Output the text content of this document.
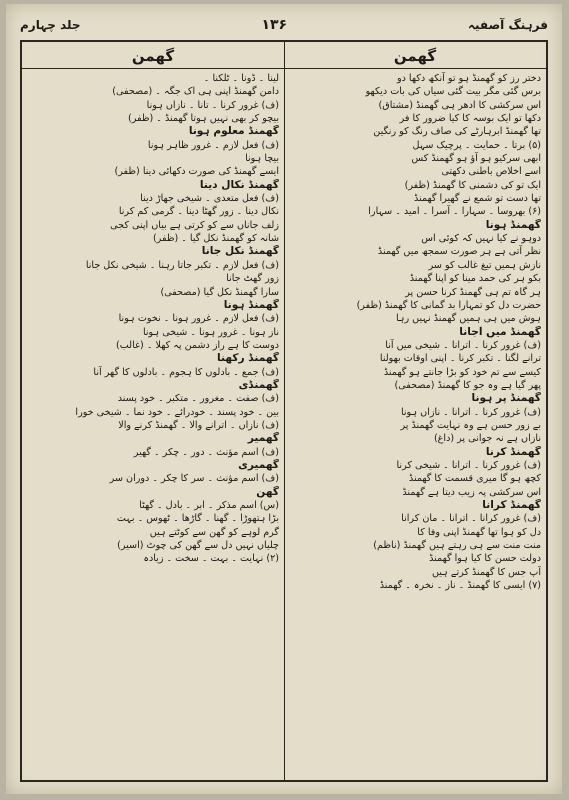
فرہنگ آصفیہ
۱۳۶
جلد چہارم
گھمن
گھمن
دختر رز کو گھمنڈ ہو تو آنکھ دکھا دو
برس گئی مگر بیت گئی سیاں کی بات دیکھو
اس سرکشی کا ادھر ہی گھمنڈ (مشتاق)
دکھا تو ایک بوسہ کا کیا ضرور کا فر
تھا گھمنڈ ابرہارٹے کی صاف رنگ کو رنگین
(۵) برتا ۔ حمایت ۔ پرچیک سہل
ابھی سرکیو ہو آؤ ہو گھمنڈ کس
اسے اخلاص باطنی دکھتی
ایک تو کی دشمنی کا گھمنڈ (ظفر)
تھا دست تو شمع نے گھیرا گھمنڈ
(۶) بھروسا ۔ سہارا ۔ آسرا ۔ امید ۔ سہارا
گھمنڈ ہونا
دوہو نے کیا نہیں کہ کوئی اس
نظر آتی ہے ہر صورت سمجھ میں گھمنڈ
نازش ہمیں تیغ غالب کو سر
بکو ہر کی حمد مینا کو اپنا گھمنڈ
ہر گاہ تم ہی گھمنڈ کرنا حسن پر
حضرت دل کو تمہارا بد گمانی کا گھمنڈ (ظفر)
ہوش میں ہی ہمیں گھمنڈ نہیں رہا
گھمنڈ میں آجانا
(ف) غرور کرنا ۔ اترانا ۔ شیخی میں آنا
ترانے لگنا ۔ تکبر کرنا ۔ اپنی اوقات بھولنا
کیسے سے تم خود کو بڑا جانتے ہو گھمنڈ
پھر گیا ہے وہ جو کا گھمنڈ (مصحفی)
گھمنڈ پر ہونا
(ف) غرور کرنا ۔ اترانا ۔ نازاں ہونا
بے زور حسن ہے وہ نہایت گھمنڈ پر
نازاں ہے نہ جوانی پر (داغ)
گھمنڈ کرنا
(ف) غرور کرنا ۔ اترانا ۔ شیخی کرنا
کچھ ہو گا میری قسمت کا گھمنڈ
اس سرکشی پہ زیب دیتا ہے گھمنڈ
گھمنڈ کرانا
(ف) غرور کرانا ۔ اترانا ۔ مان کرانا
دل کو ہوا تھا گھمنڈ اپنی وفا کا
منت منت سے ہی رہتے ہیں گھمنڈ (ناظم)
دولت حسن کا کیا ہوا گھمنڈ
آپ جس کا گھمنڈ کرتے ہیں
(۷) ایسی کا گھمنڈ ۔ ناز ۔ نخرہ ۔ گھمنڈ
لینا ۔ ڈونا ۔ ٹلکنا ۔
دامن گھمنڈ اپنی ہی اک جگہ ۔ (مصحفی)
(ف) غرور کرنا ۔ تانا ۔ نازاں ہونا
بیچو کر بھی نہیں ہوتا گھمنڈ ۔ (ظفر)
گھمنڈ معلوم ہونا
(ف) فعل لازم ۔ غرور ظاہر ہونا
بیچا ہونا
ایسے گھمنڈ کی صورت دکھائی دینا (ظفر)
گھمنڈ نکال دینا
(ف) فعل متعدی ۔ شیخی جھاڑ دینا
نکال دینا ۔ زور گھٹا دینا ۔ گرمی کم کرنا
زلف جاناں سے کو کرتی ہے بیاں اپنی کجی
شانہ کو گھمنڈ نکل گیا ۔ (ظفر)
گھمنڈ نکل جانا
(ف) فعل لازم ۔ تکبر جاتا رہنا ۔ شیخی نکل جانا
زور گھٹ جانا
سارا گھمنڈ نکل گیا (مصحفی)
گھمنڈ ہونا
(ف) فعل لازم ۔ غرور ہونا ۔ نخوت ہونا
ناز ہونا ۔ غرور ہونا ۔ شیخی ہونا
دوست کا ہے راز دشمن پہ کھلا ۔ (غالب)
گھمنڈ رکھنا
(ف) جمع ۔ بادلوں کا ہجوم ۔ بادلوں کا گھر آنا
گھمنڈی
(ف) صفت ۔ مغرور ۔ متکبر ۔ خود پسند
بین ۔ خود پسند ۔ خودرائے ۔ خود نما ۔ شیخی خورا
(ف) نازاں ۔ اترانے والا ۔ گھمنڈ کرنے والا
گھمیر
(ف) اسم مؤنث ۔ دور ۔ چکر ۔ گھیر
گھمیری
(ف) اسم مؤنث ۔ سر کا چکر ۔ دوران سر
گھن
(س) اسم مذکر ۔ ابر ۔ بادل ۔ گھٹا
بڑا ہتھوڑا ۔ گھنا ۔ گاڑھا ۔ ٹھوس ۔ بہت
گرم لوہے کو گھن سے کوٹتے ہیں
چلیاں نہیں دل سے گھن کی چوٹ (اسیر)
(۲) نہایت ۔ بہت ۔ سخت ۔ زیادہ
